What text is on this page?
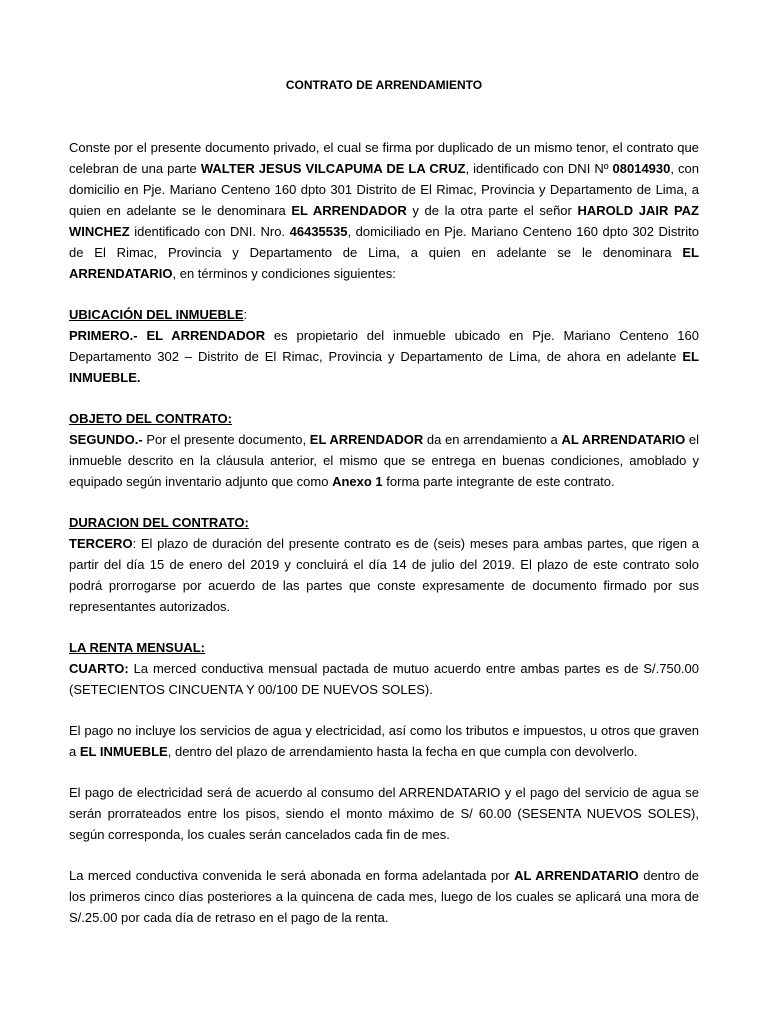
CONTRATO DE ARRENDAMIENTO

Conste por el presente documento privado, el cual se firma por duplicado de un mismo tenor, el contrato que celebran de una parte WALTER JESUS VILCAPUMA DE LA CRUZ, identificado con DNI Nº 08014930, con domicilio en Pje. Mariano Centeno 160 dpto 301 Distrito de El Rimac, Provincia y Departamento de Lima, a quien en adelante se le denominara EL ARRENDADOR y de la otra parte el señor HAROLD JAIR PAZ WINCHEZ identificado con DNI. Nro. 46435535, domiciliado en Pje. Mariano Centeno 160 dpto 302 Distrito de El Rimac, Provincia y Departamento de Lima, a quien en adelante se le denominara EL ARRENDATARIO, en términos y condiciones siguientes:

UBICACIÓN DEL INMUEBLE:

PRIMERO.- EL ARRENDADOR es propietario del inmueble ubicado en Pje. Mariano Centeno 160 Departamento 302 – Distrito de El Rimac, Provincia y Departamento de Lima, de ahora en adelante EL INMUEBLE.

OBJETO DEL CONTRATO:

SEGUNDO.- Por el presente documento, EL ARRENDADOR da en arrendamiento a AL ARRENDATARIO el inmueble descrito en la cláusula anterior, el mismo que se entrega en buenas condiciones, amoblado y equipado según inventario adjunto que como Anexo 1 forma parte integrante de este contrato.

DURACION DEL CONTRATO:

TERCERO: El plazo de duración del presente contrato es de (seis) meses para ambas partes, que rigen a partir del día 15 de enero del 2019 y concluirá el día 14 de julio del 2019. El plazo de este contrato solo podrá prorrogarse por acuerdo de las partes que conste expresamente de documento firmado por sus representantes autorizados.

LA RENTA MENSUAL:

CUARTO: La merced conductiva mensual pactada de mutuo acuerdo entre ambas partes es de S/.750.00 (SETECIENTOS CINCUENTA Y 00/100 DE NUEVOS SOLES).

El pago no incluye los servicios de agua y electricidad, así como los tributos e impuestos, u otros que graven a EL INMUEBLE, dentro del plazo de arrendamiento hasta la fecha en que cumpla con devolverlo.

El pago de electricidad será de acuerdo al consumo del ARRENDATARIO y el pago del servicio de agua se serán prorrateados entre los pisos, siendo el monto máximo de S/ 60.00 (SESENTA NUEVOS SOLES), según corresponda, los cuales serán cancelados cada fin de mes.

La merced conductiva convenida le será abonada en forma adelantada por AL ARRENDATARIO dentro de los primeros cinco días posteriores a la quincena de cada mes, luego de los cuales se aplicará una mora de S/.25.00 por cada día de retraso en el pago de la renta.
